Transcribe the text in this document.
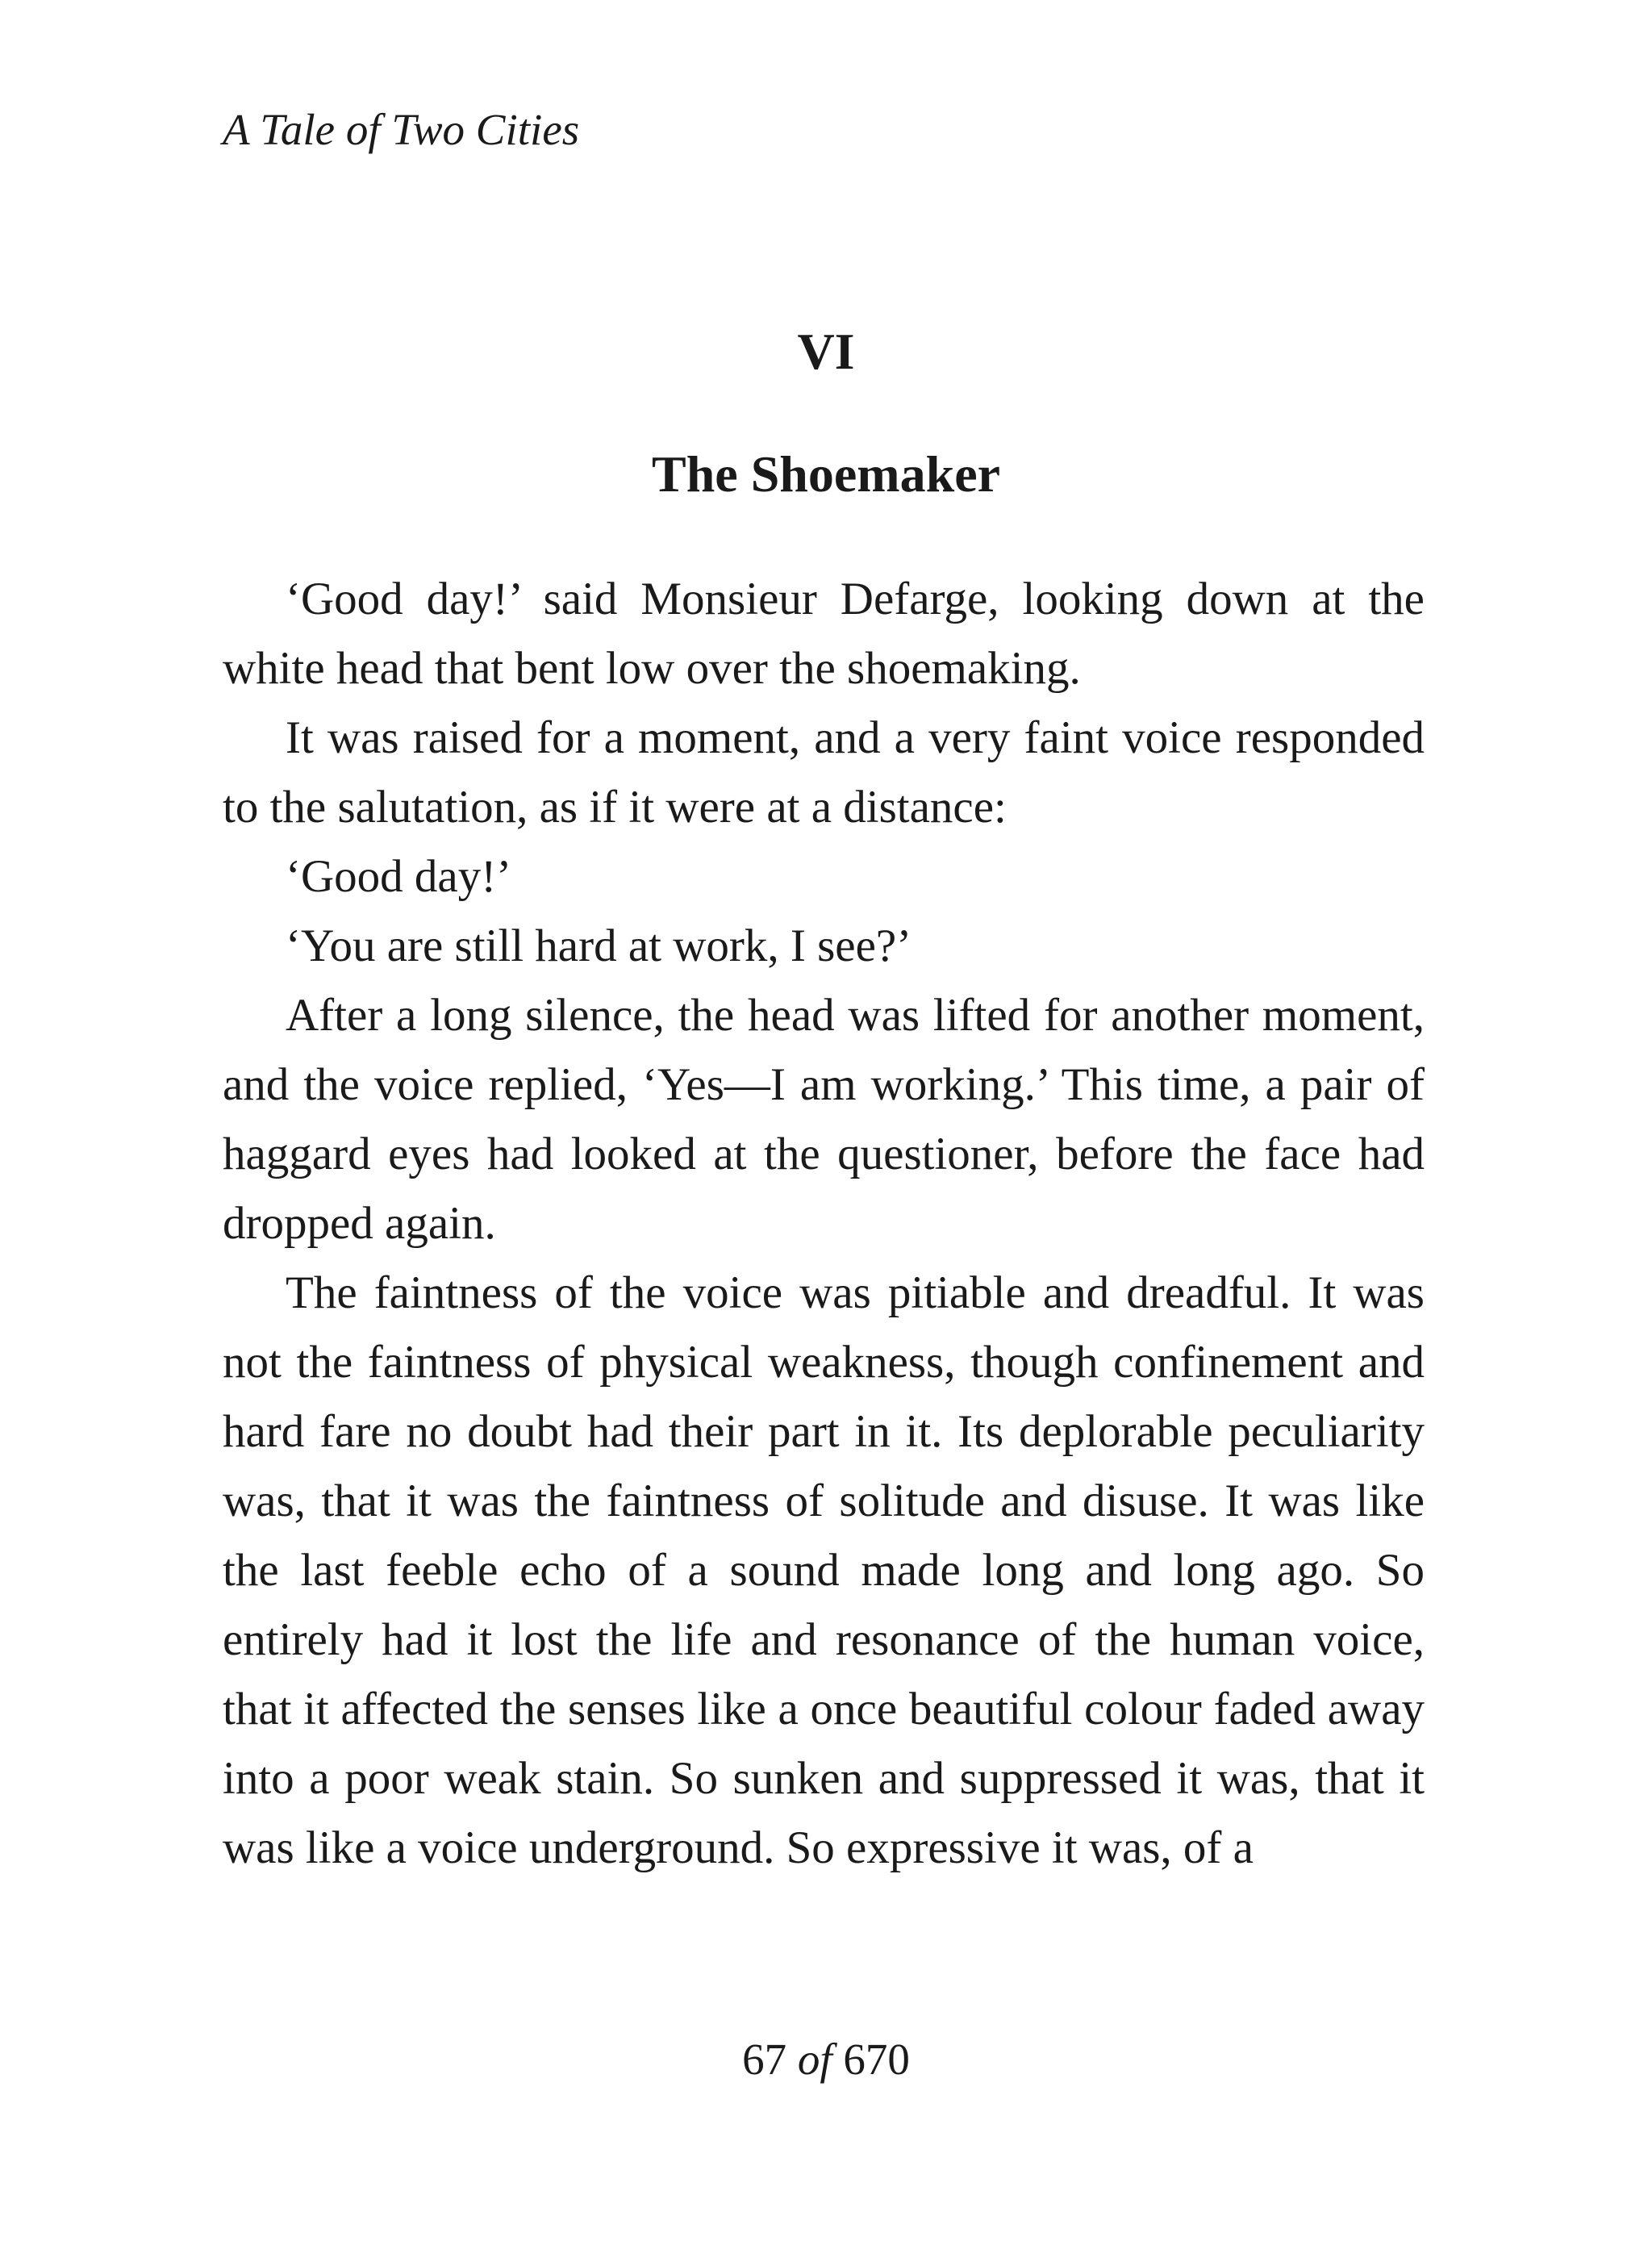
A Tale of Two Cities
VI
The Shoemaker

‘Good day!’ said Monsieur Defarge, looking down at the white head that bent low over the shoemaking.

It was raised for a moment, and a very faint voice responded to the salutation, as if it were at a distance:

‘Good day!’

‘You are still hard at work, I see?’

After a long silence, the head was lifted for another moment, and the voice replied, ‘Yes—I am working.’ This time, a pair of haggard eyes had looked at the questioner, before the face had dropped again.

The faintness of the voice was pitiable and dreadful. It was not the faintness of physical weakness, though confinement and hard fare no doubt had their part in it. Its deplorable peculiarity was, that it was the faintness of solitude and disuse. It was like the last feeble echo of a sound made long and long ago. So entirely had it lost the life and resonance of the human voice, that it affected the senses like a once beautiful colour faded away into a poor weak stain. So sunken and suppressed it was, that it was like a voice underground. So expressive it was, of a

67 of 670
